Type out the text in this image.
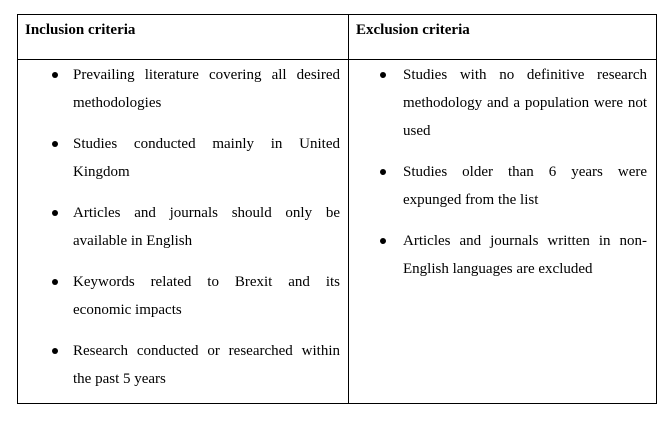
Inclusion criteria	Exclusion criteria
Prevailing literature covering all desired methodologies
Studies conducted mainly in United Kingdom
Articles and journals should only be available in English
Keywords related to Brexit and its economic impacts
Research conducted or researched within the past 5 years
Studies with no definitive research methodology and a population were not used
Studies older than 6 years were expunged from the list
Articles and journals written in non-English languages are excluded
